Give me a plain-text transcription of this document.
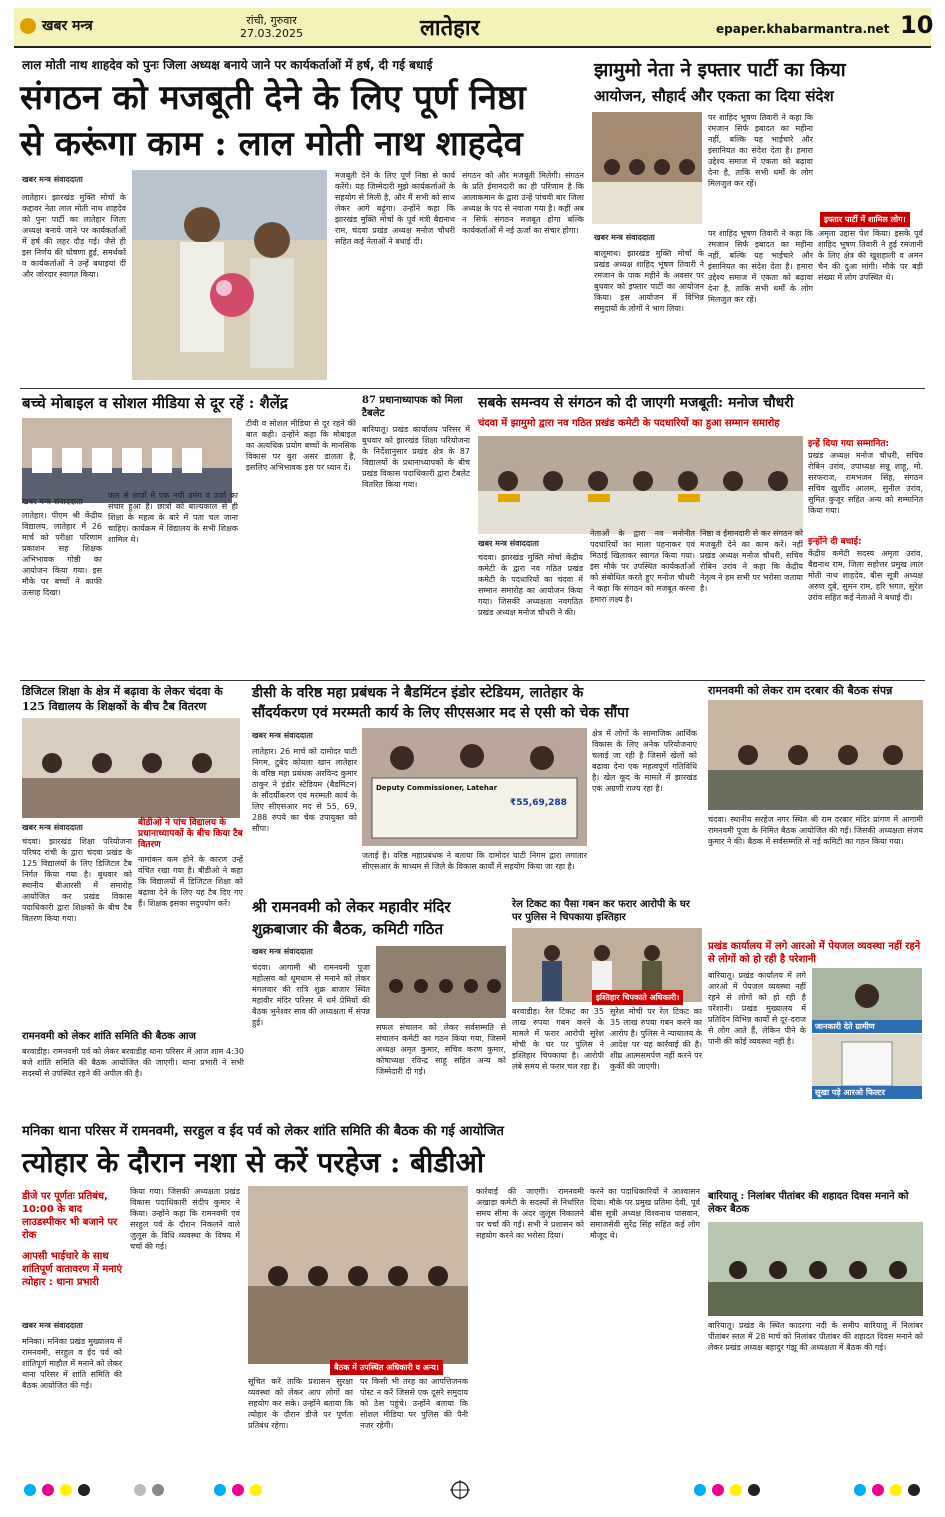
खबर मन्त्र	रांची, गुरुवार
27.03.2025	लातेहार	epaper.khabarmantra.net 10
लाल मोती नाथ शाहदेव को पुनः जिला अध्यक्ष बनाये जाने पर कार्यकर्ताओं में हर्ष, दी गई बधाई
संगठन को मजबूती देने के लिए पूर्ण निष्ठा
से करूंगा काम : लाल मोती नाथ शाहदेव
खबर मन्त्र संवाददाता
लातेहार। झारखंड मुक्ति मोर्चा के कद्दावर नेता लाल मोती नाथ शाहदेव को पुनः पार्टी का लातेहार जिला अध्यक्ष बनाये जाने पर कार्यकर्ताओं में हर्ष की लहर दौड़ गई। जैसे ही इस निर्णय की घोषणा हुई, समर्थकों व कार्यकर्ताओं ने उन्हें बधाइयां दीं और जोरदार स्वागत किया।
मजबूती देने के लिए पूर्ण निष्ठा से कार्य करेंगे। यह जिम्मेदारी मुझे कार्यकर्ताओं के सहयोग से मिली है, और मैं सभी को साथ लेकर आगे बढ़ूंगा। उन्होंने कहा कि झारखंड मुक्ति मोर्चा के पूर्व मंत्री बैद्यनाथ राम, चंदवा प्रखंड अध्यक्ष मनोज चौधरी सहित कई नेताओं ने बधाई दी।
संगठन को और मजबूती मिलेगी। संगठन के प्रति ईमानदारी का ही परिणाम है कि आलाकमान के द्वारा उन्हें पांचवी बार जिला अध्यक्ष के पद से नवाजा गया है। कहीं अब न सिर्फ संगठन मजबूत होगा बल्कि कार्यकर्ताओं में नई ऊर्जा का संचार होगा।
झामुमो नेता ने इफ्तार पार्टी का किया
आयोजन, सौहार्द और एकता का दिया संदेश
पर शाहिद भूषण तिवारी ने कहा कि रमजान सिर्फ इबादत का महीना नहीं, बल्कि यह भाईचारे और इंसानियत का संदेश देता है। हमारा उद्देश्य समाज में एकता को बढ़ावा देना है, ताकि सभी धर्मों के लोग मिलजुल कर रहें।
इफ्तार पार्टी में शामिल लोग।
खबर मन्त्र संवाददाता
बालूमाथ। झारखंड मुक्ति मोर्चा के प्रखंड अध्यक्ष शाहिद भूषण तिवारी ने रमजान के पाक महीने के अवसर पर बुधवार को इफ्तार पार्टी का आयोजन किया। इस आयोजन में विभिन्न समुदायों के लोगों ने भाग लिया।
पर शाहिद भूषण तिवारी ने कहा कि रमजान सिर्फ इबादत का महीना नहीं, बल्कि यह भाईचारे और इंसानियत का संदेश देता है। हमारा उद्देश्य समाज में एकता को बढ़ावा देना है, ताकि सभी धर्मों के लोग मिलजुल कर रहें।
अमृता उद्दास पेश किया। इसके पूर्व शाहिद भूषण तिवारी ने हुई रमजानी के लिए क्षेत्र की खुशहाली व अमन चैन की दुआ मांगी। मौके पर बड़ी संख्या में लोग उपस्थित थे।
बच्चे मोबाइल व सोशल मीडिया से दूर रहें : शैलेंद्र
खबर मन्त्र संवाददाता
लातेहार। पीएम श्री केंद्रीय विद्यालय, लातेहार में 26 मार्च को परीक्षा परिणाम प्रकाशन सह शिक्षक अभिभावक गोष्ठी का आयोजन किया गया। इस मौके पर बच्चों ने काफी उत्साह दिखा।
फल से छात्रों में एक नयी उमंग व उर्जा का संचार हुआ है। छात्रों को बाल्यकाल से ही शिक्षा के महत्व के बारे में पता चल जाना चाहिए। कार्यक्रम में विद्यालय के सभी शिक्षक शामिल थे।
टीवी व सोशल मीडिया से दूर रहने की बात कही। उन्होंने कहा कि मोबाइल का अत्यधिक प्रयोग बच्चों के मानसिक विकास पर बुरा असर डालता है, इसलिए अभिभावक इस पर ध्यान दें।
87 प्रधानाध्यापक को मिला टैबलेट
बारियातू। प्रखंड कार्यालय परिसर में बुधवार को झारखंड शिक्षा परियोजना के निर्देशानुसार प्रखंड क्षेत्र के 87 विद्यालयों के प्रधानाध्यापकों के बीच प्रखंड विकास पदाधिकारी द्वारा टैबलेट वितरित किया गया।
सबके समन्वय से संगठन को दी जाएगी मजबूती: मनोज चौधरी
चंदवा में झामुमो द्वारा नव गठित प्रखंड कमेटी के पदधारियों का हुआ सम्मान समारोह
इन्हें दिया गया सम्मानित:
प्रखंड अध्यक्ष मनोज चौधरी, सचिव रोबिन उरांव, उपाध्यक्ष सन्नू शाहू, मो. सरफराज, रामभजन सिंह, संगठन सचिव खुर्शीद आलम, सुनील उरांव, सुमित कुजूर सहित अन्य को सम्मानित किया गया।
खबर मन्त्र संवाददाता
चंदवा। झारखंड मुक्ति मोर्चा केंद्रीय कमेटी के द्वारा नव गठित प्रखंड कमेटी के पदधारियों का चंदवा में सम्मान समारोह का आयोजन किया गया। जिसकी अध्यक्षता नवगठित प्रखंड अध्यक्ष मनोज चौधरी ने की।
नेताओं के द्वारा नव मनोनीत पदधारियों का माला पहनाकर एवं मिठाई खिलाकर स्वागत किया गया। इस मौके पर उपस्थित कार्यकर्ताओं को संबोधित करते हुए मनोज चौधरी ने कहा कि संगठन को मजबूत करना हमारा लक्ष्य है।
निष्ठा व ईमानदारी से कर संगठन को मजबूती देने का काम करें। नहीं प्रखंड अध्यक्ष मनोज चौधरी, सचिव रोबिन उरांव ने कहा कि केंद्रीय नेतृत्व ने हम सभी पर भरोसा जताया है।
इन्होंने दी बधाई:
केंद्रीय कमेटी सदस्य अमृता उरांव, बैद्यनाथ राम, जिला सहोत्तर प्रमुख लाल मोती नाथ शाहदेव, बीस सूत्री अध्यक्ष अरुण दुबे, सुमन राम, हरि भगत, सुरेश उरांव सहित कई नेताओं ने बधाई दी।
डिजिटल शिक्षा के क्षेत्र में बढ़ावा के लेकर चंदवा के 125 विद्यालय के शिक्षकों के बीच टैब वितरण
खबर मन्त्र संवाददाता
चंदवा। झारखंड शिक्षा परियोजना परिषद रांची के द्वारा चंदवा प्रखंड के 125 विद्यालयों के लिए डिजिटल टैब निर्गत किया गया है। बुधवार को स्थानीय बीआरसी में समारोह आयोजित कर प्रखंड विकास पदाधिकारी द्वारा शिक्षकों के बीच टैब वितरण किया गया।
बीडीओ ने पांच विद्यालय के प्रधानाध्यापकों के बीच किया टैब वितरण
नामांकन कम होने के कारण उन्हें वंचित रखा गया है। बीडीओ ने कहा कि विद्यालयों में डिजिटल शिक्षा को बढ़ावा देने के लिए यह टैब दिए गए हैं। शिक्षक इसका सदुपयोग करें।
डीसी के वरिष्ठ महा प्रबंधक ने बैडमिंटन इंडोर स्टेडियम, लातेहार के
सौंदर्यकरण एवं मरम्मती कार्य के लिए सीएसआर मद से एसी को चेक सौंपा
खबर मन्त्र संवाददाता
लातेहार। 26 मार्च को दामोदर घाटी निगम, टुबेद कोयला खान लातेहार के वरिष्ठ महा प्रबंधक अरविन्द कुमार ठाकुर ने इंडोर स्टेडियम (बैडमिंटन) के सौंदर्यीकरण एवं मरम्मती कार्य के लिए सीएसआर मद से 55, 69, 288 रुपये का चेक उपायुक्त को सौंपा।
Deputy Commissioner, Latehar
₹55,69,288
जताई है। वरिष्ठ महाप्रबंधक ने बताया कि दामोदर घाटी निगम द्वारा लगातार सीएसआर के माध्यम से जिले के विकास कार्यों में सहयोग किया जा रहा है।
क्षेत्र में लोगों के सामाजिक आर्थिक विकास के लिए अनेक परियोजनाएं चलाई जा रही है जिसमें खेलों को बढ़ावा देना एक महत्वपूर्ण गतिविधि है। खेल कूद के मामले में झारखंड एक अग्रणी राज्य रहा है।
रामनवमी को लेकर राम दरबार की बैठक संपन्न
चंदवा। स्थानीय सरहेज नगर स्थित श्री राम दरबार मंदिर प्रांगण में आगामी रामनवमी पूजा के निमित बैठक आयोजित की गई। जिसकी अध्यक्षता संजय कुमार ने की। बैठक में सर्वसम्मति से नई कमिटी का गठन किया गया।
श्री रामनवमी को लेकर महावीर मंदिर
शुक्रबाजार की बैठक, कमिटी गठित
खबर मन्त्र संवाददाता
चंदवा। आगामी श्री रामनवमी पूजा महोत्सव को धूमधाम से मनाने को लेकर मंगलवार की रात्रि शुक्र बाजार स्थित महावीर मंदिर परिसर में धर्म प्रेमियों की बैठक भुनेश्वर साव की अध्यक्षता में संपन्न हुई।
सफल संचालन को लेकर सर्वसम्मति से संचालन कमेटी का गठन किया गया, जिसमें अध्यक्ष अमृत कुमार, सचिव करण कुमार, कोषाध्यक्ष रविन्द्र साहू सहित अन्य को जिम्मेदारी दी गई।
रेल टिकट का पैसा गबन कर फरार आरोपी के घर पर पुलिस ने चिपकाया इश्तिहार
इश्तिहार चिपकाते अधिकारी।
बरवाडीह। रेल टिकट का 35 लाख रुपया गबन करने के मामले में फरार आरोपी सुरेश मोची के घर पर पुलिस ने इश्तिहार चिपकाया है। आरोपी लंबे समय से फरार चल रहा है।
सुरेश मोची पर रेल टिकट का 35 लाख रुपया गबन करने का आरोप है। पुलिस ने न्यायालय के आदेश पर यह कार्रवाई की है। शीघ्र आत्मसमर्पण नहीं करने पर कुर्की की जाएगी।
प्रखंड कार्यालय में लगे आरओ में पेयजल व्यवस्था नहीं रहने से लोगों को हो रही है परेशानी
बारियातू। प्रखंड कार्यालय में लगे आरओ में पेयजल व्यवस्था नहीं रहने से लोगों को हो रही है परेशानी। प्रखंड मुख्यालय में प्रतिदिन विभिन्न कार्यों से दूर-दराज से लोग आते हैं, लेकिन पीने के पानी की कोई व्यवस्था नहीं है।
जानकारी देते ग्रामीण
सूखा पड़े आरओ फिल्टर
रामनवमी को लेकर शांति समिति की बैठक आज
बरवाडीह। रामनवमी पर्व को लेकर बरवाडीह थाना परिसर में आज शाम 4:30 बजे शांति समिति की बैठक आयोजित की जाएगी। थाना प्रभारी ने सभी सदस्यों से उपस्थित रहने की अपील की है।
मनिका थाना परिसर में रामनवमी, सरहुल व ईद पर्व को लेकर शांति समिति की बैठक की गई आयोजित
त्योहार के दौरान नशा से करें परहेज : बीडीओ
डीजे पर पूर्णतः प्रतिबंध, 10:00 के बाद लाउडस्पीकर भी बजाने पर रोक
आपसी भाईचारे के साथ शांतिपूर्ण वातावरण में मनाएं त्योहार : थाना प्रभारी
खबर मन्त्र संवाददाता
मनिका। मनिका प्रखंड मुख्यालय में रामनवमी, सरहुल व ईद पर्व को शांतिपूर्ण माहौल में मनाने को लेकर थाना परिसर में शांति समिति की बैठक आयोजित की गई।
किया गया। जिसकी अध्यक्षता प्रखंड विकास पदाधिकारी संदीप कुमार ने किया। उन्होंने कहा कि रामनवमी एवं सरहुल पर्व के दौरान निकलने वाले जुलूस के विधि व्यवस्था के विषय में चर्चा की गई।
बैठक में उपस्थित अधिकारी व अन्य।
सूचित करें ताकि प्रशासन सुरक्षा व्यवस्था को लेकर आप लोगों का सहयोग कर सके। उन्होंने बताया कि त्योहार के दौरान डीजे पर पूर्णतः प्रतिबंध रहेगा।
पर किसी भी तरह का आपत्तिजनक पोस्ट न करें जिससे एक दूसरे समुदाय को ठेस पहुंचे। उन्होंने बताया कि सोशल मीडिया पर पुलिस की पैनी नजर रहेगी।
कार्रवाई की जाएगी। रामनवमी अखाड़ा कमेटी के सदस्यों से निर्धारित समय सीमा के अंदर जुलूस निकालने पर चर्चा की गई। सभी ने प्रशासन को सहयोग करने का भरोसा दिया।
करने का पदाधिकारियों ने आश्वासन दिया। मौके पर प्रमुख प्रतिमा देवी, पूर्व बीस सूत्री अध्यक्ष विश्वनाथ पासवान, समाजसेवी सुरेंद्र सिंह सहित कई लोग मौजूद थे।
बारियातू : निलांबर पीतांबर की शहादत दिवस मनाने को लेकर बैठक
बारियातू। प्रखंड के स्थित कादरगा नदी के समीप बारियातू में निलांबर पीतांबर स्तल में 28 मार्च को निलांबर पीतांबर की शहादत दिवस मनाने को लेकर प्रखंड अध्यक्ष बहादुर गंझू की अध्यक्षता में बैठक की गई।
